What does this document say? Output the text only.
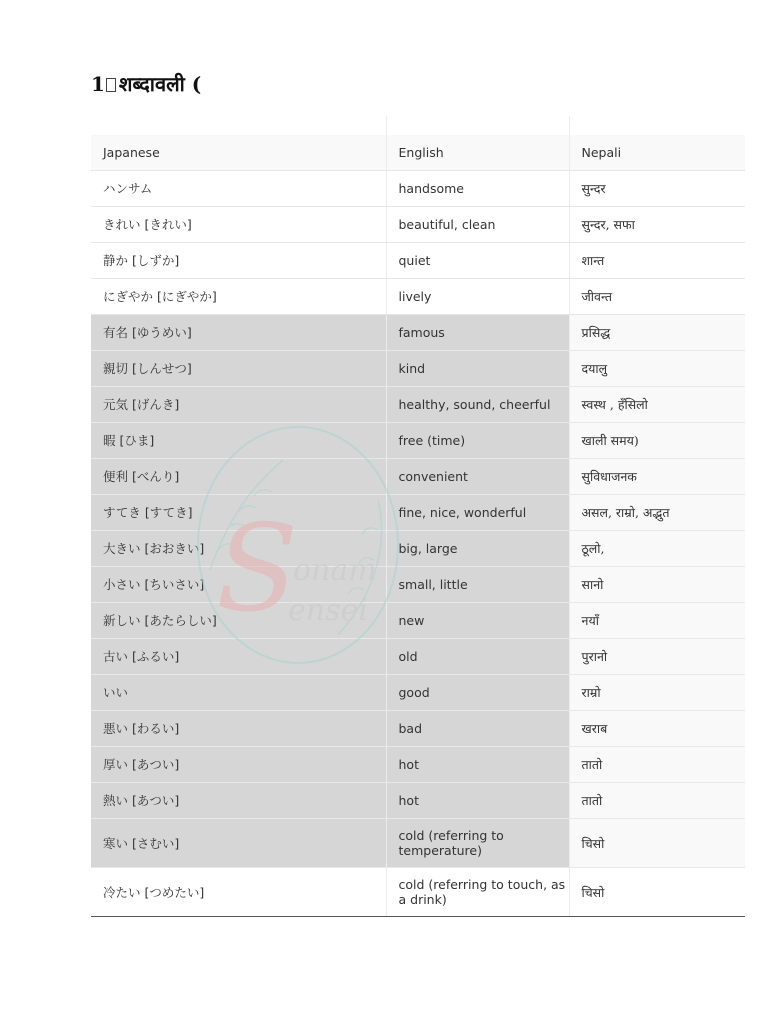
1 शब्दावली (

Japanese	English	Nepali
ハンサム	handsome	सुन्दर
きれい [きれい]	beautiful, clean	सुन्दर, सफा
静か [しずか]	quiet	शान्त
にぎやか [にぎやか]	lively	जीवन्त
有名 [ゆうめい]	famous	प्रसिद्ध
親切 [しんせつ]	kind	दयालु
元気 [げんき]	healthy, sound, cheerful	स्वस्थ , हँसिलो
暇 [ひま]	free (time)	खाली समय)
便利 [べんり]	convenient	सुविधाजनक
すてき [すてき]	fine, nice, wonderful	असल, राम्रो, अद्भुत
大きい [おおきい]	big, large	ठूलो,
小さい [ちいさい]	small, little	सानो
新しい [あたらしい]	new	नयाँ
古い [ふるい]	old	पुरानो
いい	good	राम्रो
悪い [わるい]	bad	खराब
厚い [あつい]	hot	तातो
熱い [あつい]	hot	तातो
寒い [さむい]	cold (referring to temperature)	चिसो
冷たい [つめたい]	cold (referring to touch, as a drink)	चिसो
S
onam
ensei
